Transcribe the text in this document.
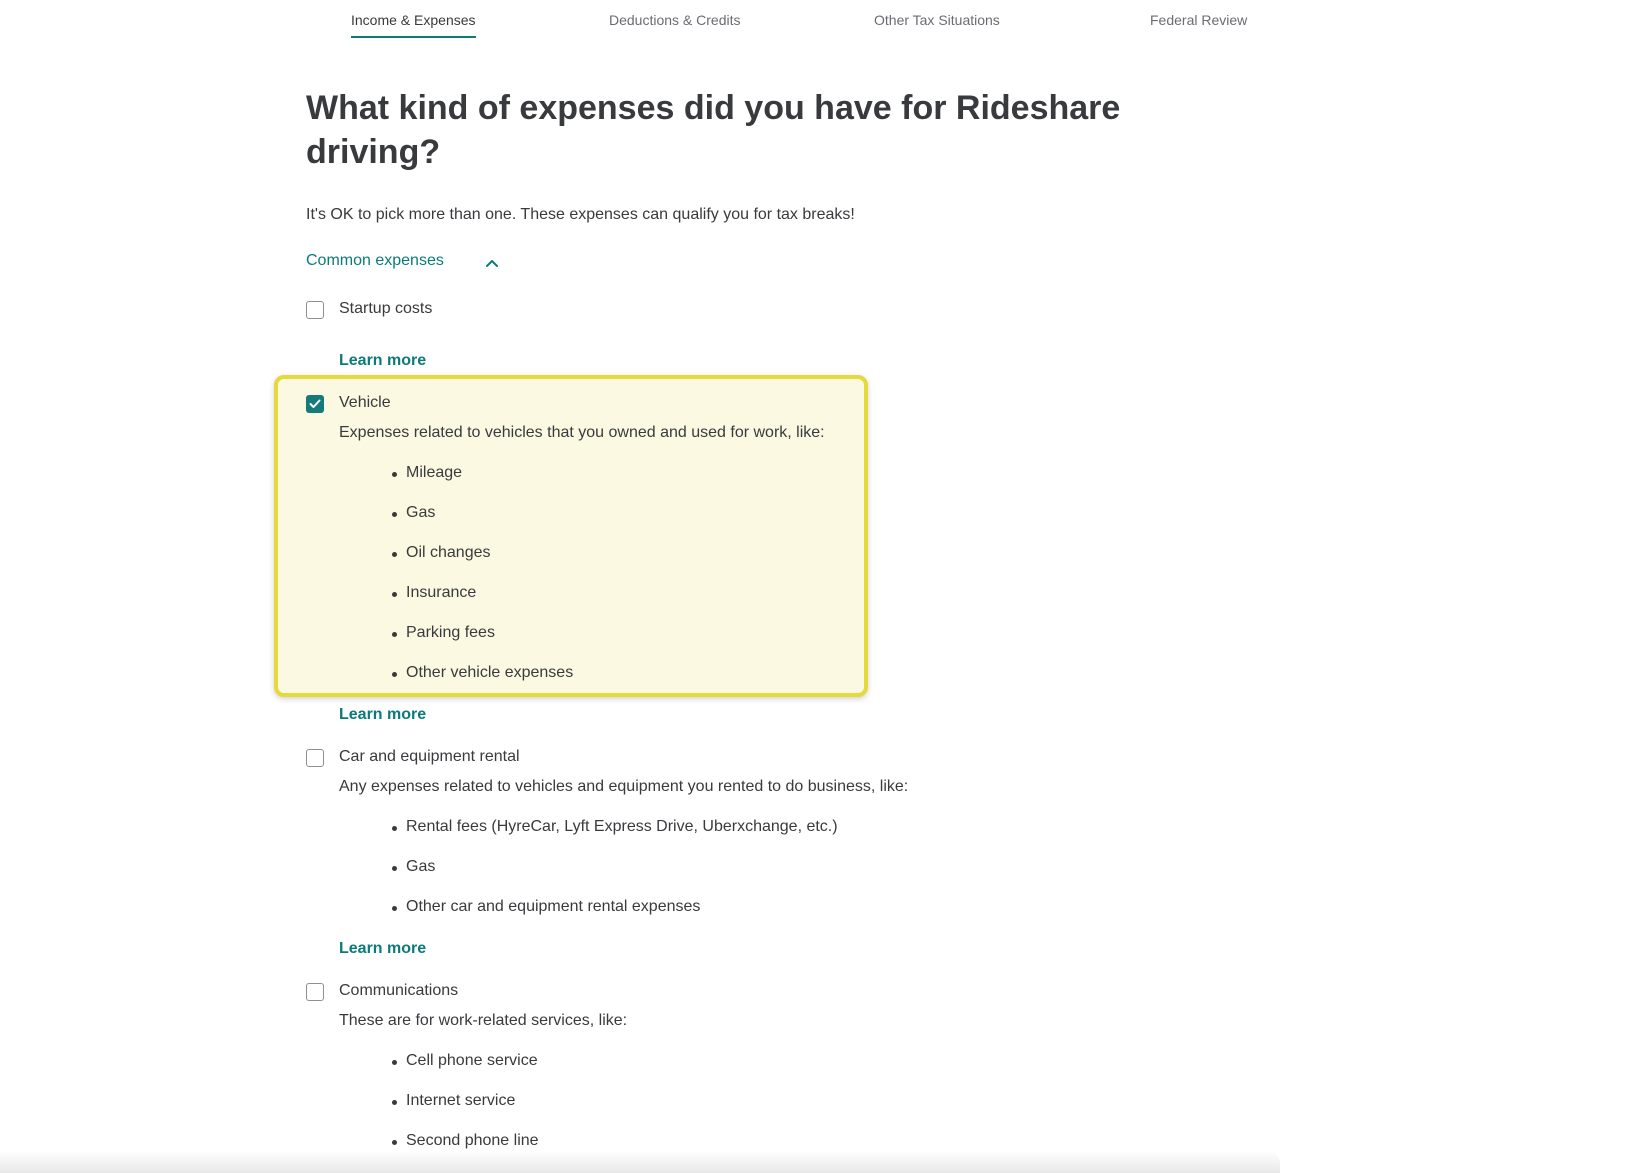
Income & Expenses	Deductions & Credits	Other Tax Situations	Federal Review
What kind of expenses did you have for Rideshare driving?
It's OK to pick more than one. These expenses can qualify you for tax breaks!
Common expenses
Startup costs
Learn more
Vehicle
Expenses related to vehicles that you owned and used for work, like:
Mileage
Gas
Oil changes
Insurance
Parking fees
Other vehicle expenses
Learn more
Car and equipment rental
Any expenses related to vehicles and equipment you rented to do business, like:
Rental fees (HyreCar, Lyft Express Drive, Uberxchange, etc.)
Gas
Other car and equipment rental expenses
Learn more
Communications
These are for work-related services, like:
Cell phone service
Internet service
Second phone line
